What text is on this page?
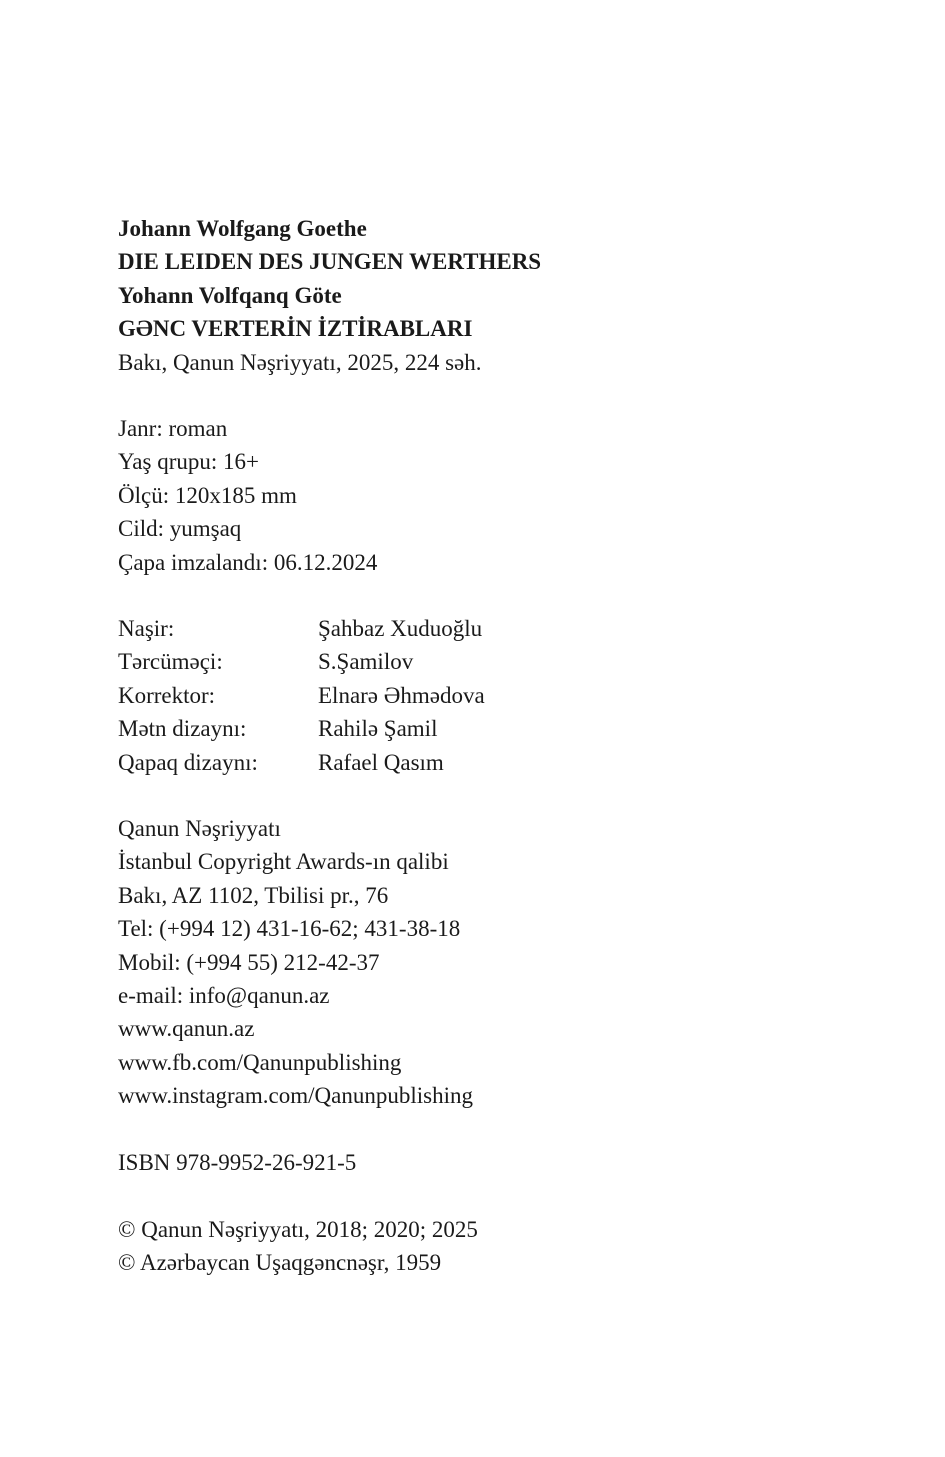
Johann Wolfgang Goethe
DIE LEIDEN DES JUNGEN WERTHERS
Yohann Volfqanq Göte
GƏNC VERTERİN İZTİRABLARI
Bakı, Qanun Nəşriyyatı, 2025, 224 səh.
Janr: roman
Yaş qrupu: 16+
Ölçü: 120x185 mm
Cild: yumşaq
Çapa imzalandı: 06.12.2024
Naşir:	Şahbaz Xuduoğlu
Tərcüməçi:	S.Şamilov
Korrektor:	Elnarə Əhmədova
Mətn dizaynı:	Rahilə Şamil
Qapaq dizaynı:	Rafael Qasım
Qanun Nəşriyyatı
İstanbul Copyright Awards-ın qalibi
Bakı, AZ 1102, Tbilisi pr., 76
Tel: (+994 12) 431-16-62; 431-38-18
Mobil: (+994 55) 212-42-37
e-mail: info@qanun.az
www.qanun.az
www.fb.com/Qanunpublishing
www.instagram.com/Qanunpublishing
ISBN 978-9952-26-921-5
© Qanun Nəşriyyatı, 2018; 2020; 2025
© Azərbaycan Uşaqgəncnəşr, 1959
